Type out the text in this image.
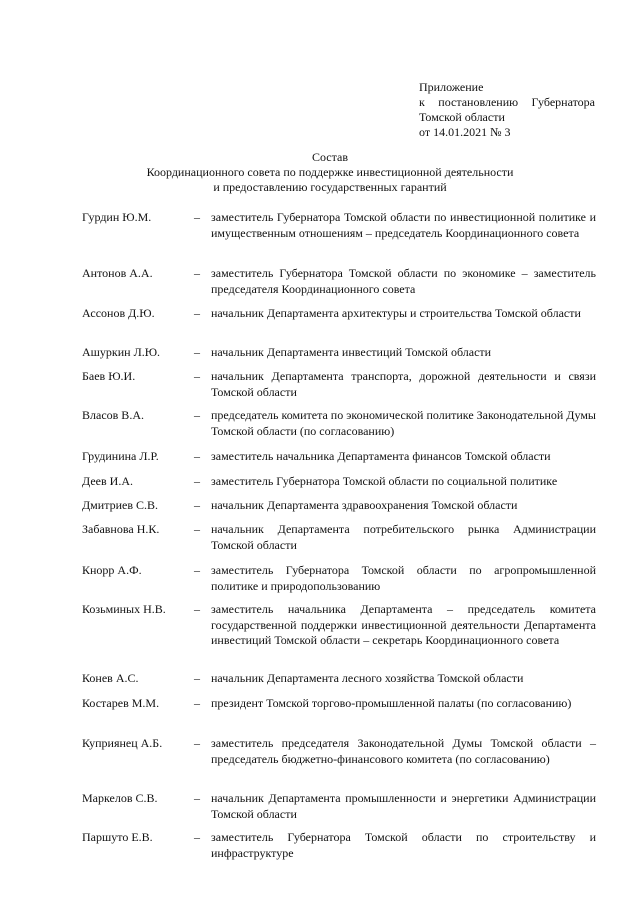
Приложение
к постановлению Губернатора
Томской области
от 14.01.2021 № 3
Состав
Координационного совета по поддержке инвестиционной деятельности
и предоставлению государственных гарантий
Гурдин Ю.М.	– заместитель Губернатора Томской области по инвестиционной политике и имущественным отношениям – председатель Координационного совета
Антонов А.А.	– заместитель Губернатора Томской области по экономике – заместитель председателя Координационного совета
Ассонов Д.Ю.	– начальник Департамента архитектуры и строительства Томской области
Ашуркин Л.Ю.	– начальник Департамента инвестиций Томской области
Баев Ю.И.	– начальник Департамента транспорта, дорожной деятельности и связи Томской области
Власов В.А.	– председатель комитета по экономической политике Законодательной Думы Томской области (по согласованию)
Грудинина Л.Р.	– заместитель начальника Департамента финансов Томской области
Деев И.А.	– заместитель Губернатора Томской области по социальной политике
Дмитриев С.В.	– начальник Департамента здравоохранения Томской области
Забавнова Н.К.	– начальник Департамента потребительского рынка Администрации Томской области
Кнорр А.Ф.	– заместитель Губернатора Томской области по агропромышленной политике и природопользованию
Козьминых Н.В. – заместитель начальника Департамента – председатель комитета государственной поддержки инвестиционной деятельности Департамента инвестиций Томской области – секретарь Координационного совета
Конев А.С.	– начальник Департамента лесного хозяйства Томской области
Костарев М.М.	– президент Томской торгово-промышленной палаты (по согласованию)
Куприянец А.Б.	– заместитель председателя Законодательной Думы Томской области – председатель бюджетно-финансового комитета (по согласованию)
Маркелов С.В.	– начальник Департамента промышленности и энергетики Администрации Томской области
Паршуто Е.В.	– заместитель Губернатора Томской области по строительству и инфраструктуре
